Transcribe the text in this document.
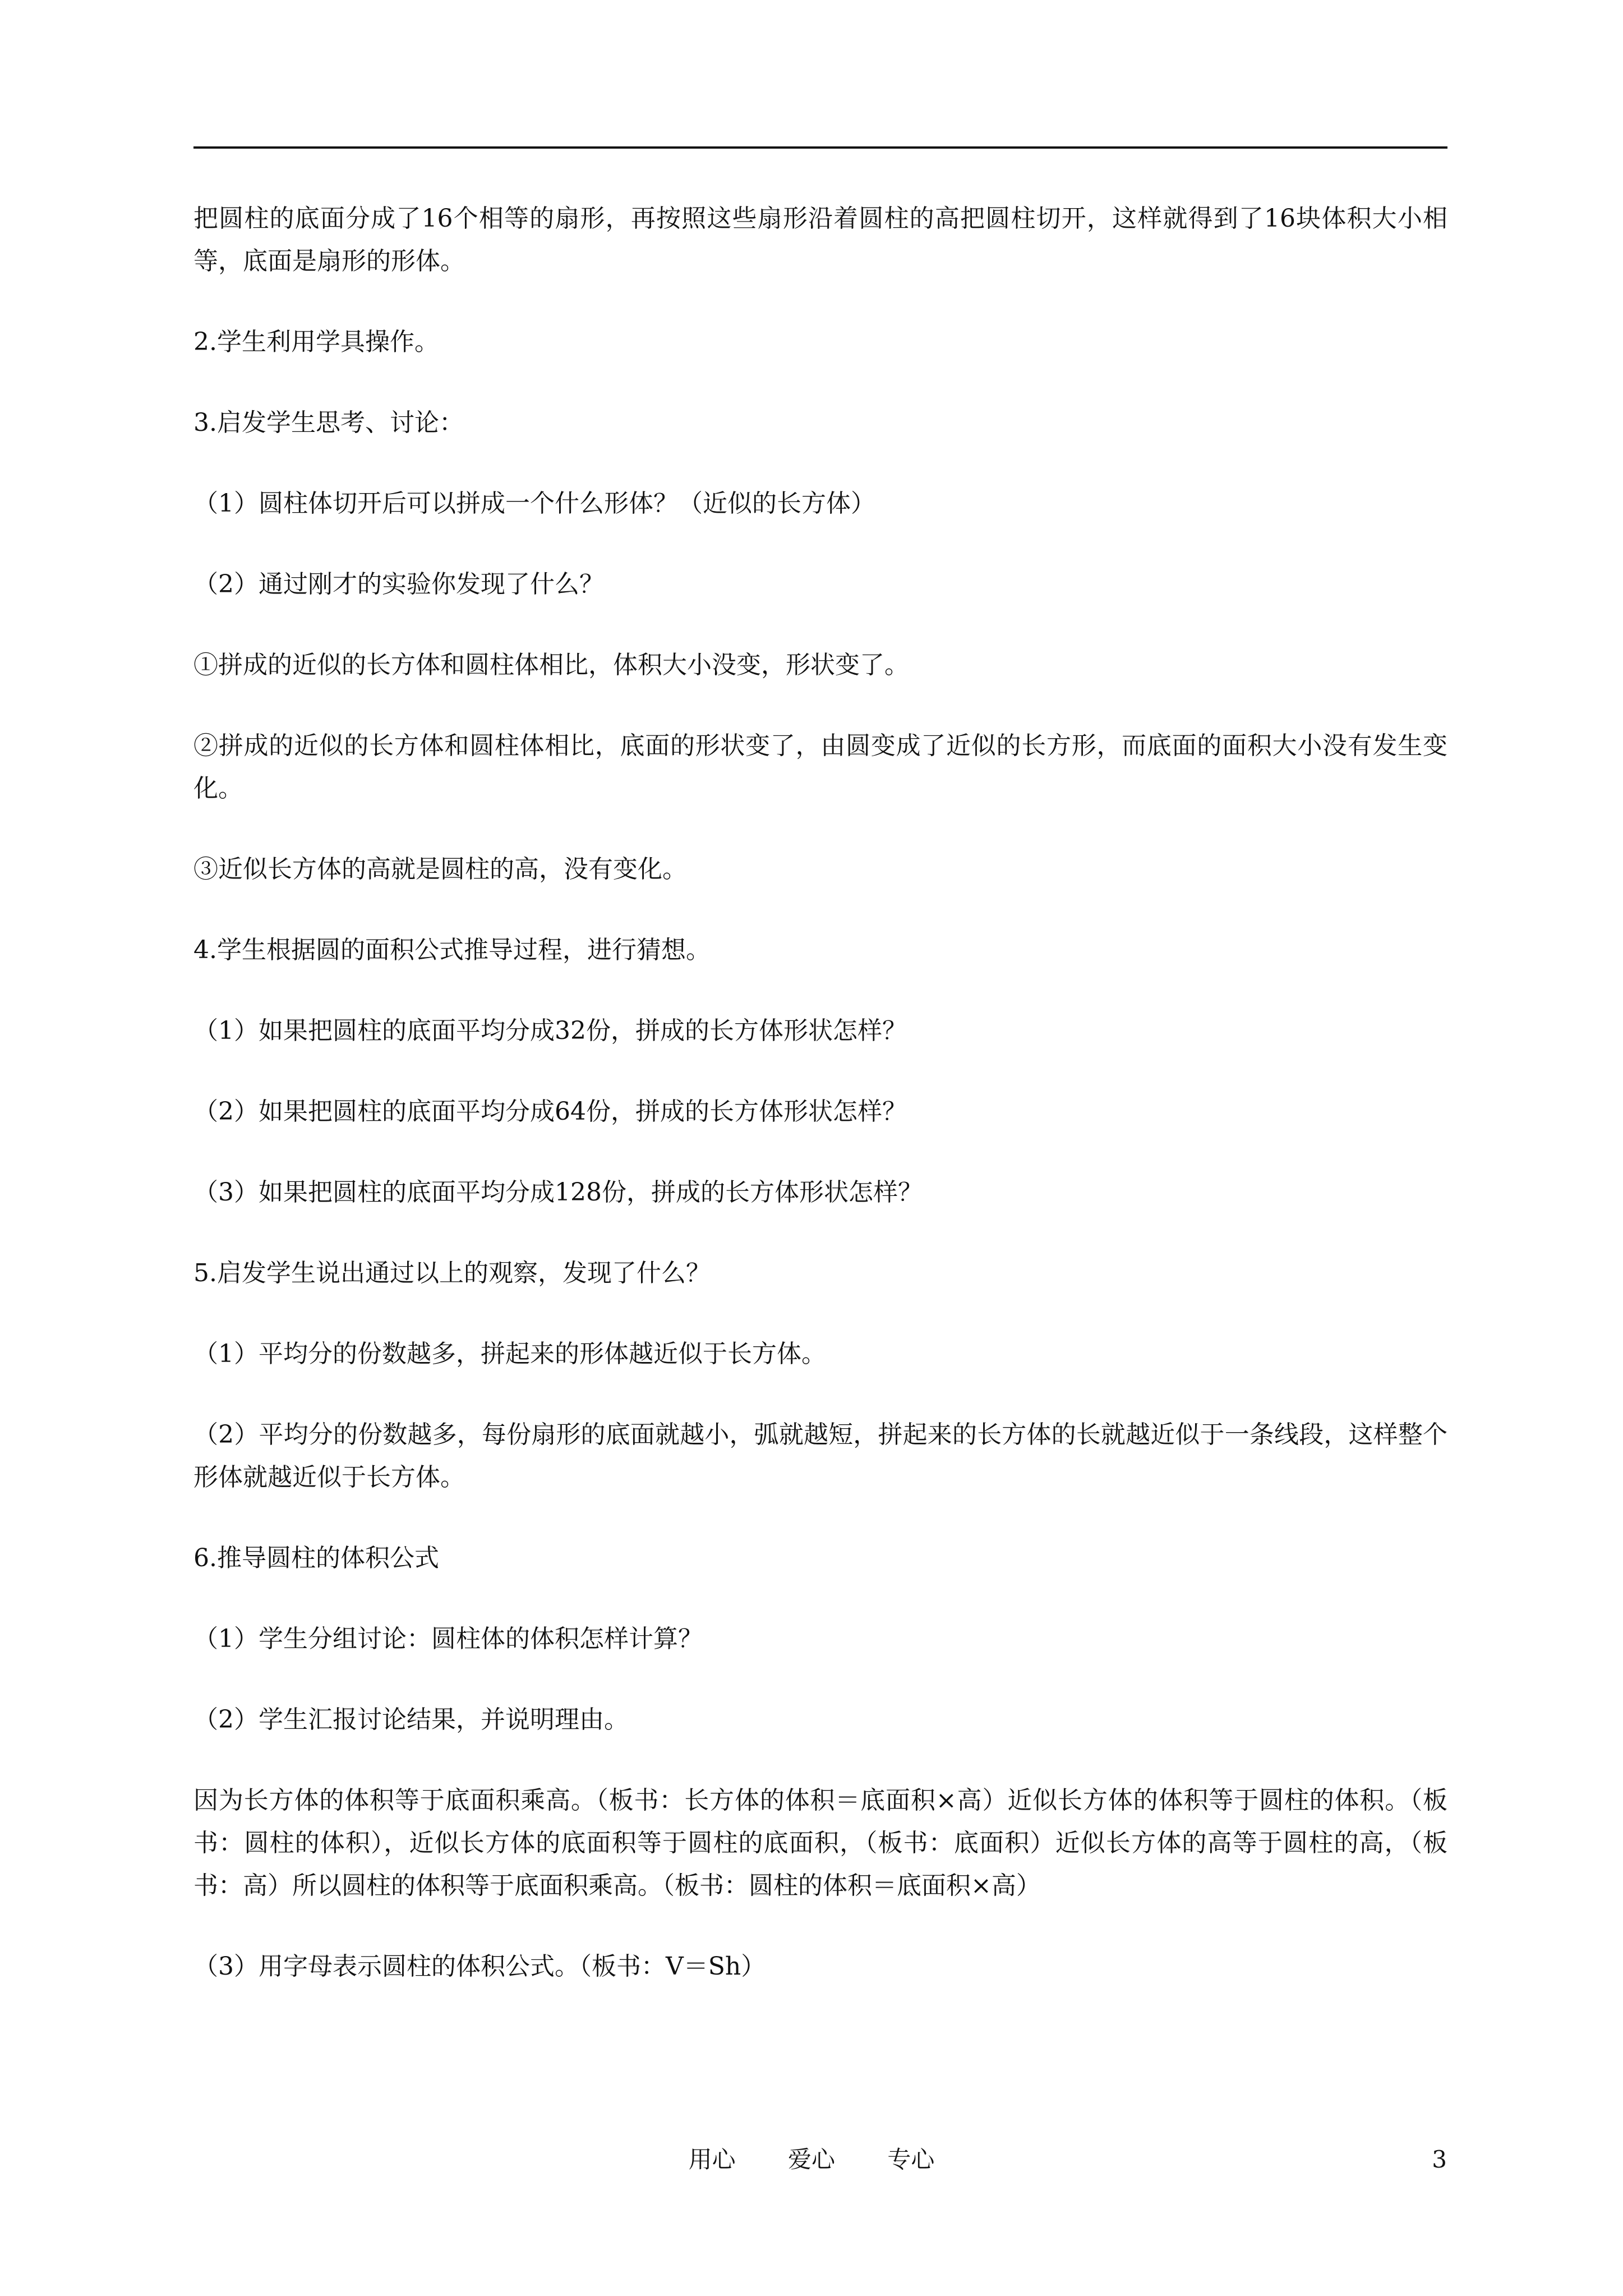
把圆柱的底面分成了16个相等的扇形，再按照这些扇形沿着圆柱的高把圆柱切开，这样就得到了16块体积大小相等，底面是扇形的形体。

2.学生利用学具操作。

3.启发学生思考、讨论：

（1）圆柱体切开后可以拼成一个什么形体？（近似的长方体）

（2）通过刚才的实验你发现了什么？

①拼成的近似的长方体和圆柱体相比，体积大小没变，形状变了。

②拼成的近似的长方体和圆柱体相比，底面的形状变了，由圆变成了近似的长方形，而底面的面积大小没有发生变化。

③近似长方体的高就是圆柱的高，没有变化。

4.学生根据圆的面积公式推导过程，进行猜想。

（1）如果把圆柱的底面平均分成32份，拼成的长方体形状怎样？

（2）如果把圆柱的底面平均分成64份，拼成的长方体形状怎样？

（3）如果把圆柱的底面平均分成128份，拼成的长方体形状怎样？

5.启发学生说出通过以上的观察，发现了什么？

（1）平均分的份数越多，拼起来的形体越近似于长方体。

（2）平均分的份数越多，每份扇形的底面就越小，弧就越短，拼起来的长方体的长就越近似于一条线段，这样整个形体就越近似于长方体。

6.推导圆柱的体积公式

（1）学生分组讨论：圆柱体的体积怎样计算？

（2）学生汇报讨论结果，并说明理由。

因为长方体的体积等于底面积乘高。（板书：长方体的体积＝底面积×高）近似长方体的体积等于圆柱的体积。（板书：圆柱的体积），近似长方体的底面积等于圆柱的底面积，（板书：底面积）近似长方体的高等于圆柱的高，（板书：高）所以圆柱的体积等于底面积乘高。（板书：圆柱的体积＝底面积×高）

（3）用字母表示圆柱的体积公式。（板书：V＝Sh）

用心 爱心 专心	3
